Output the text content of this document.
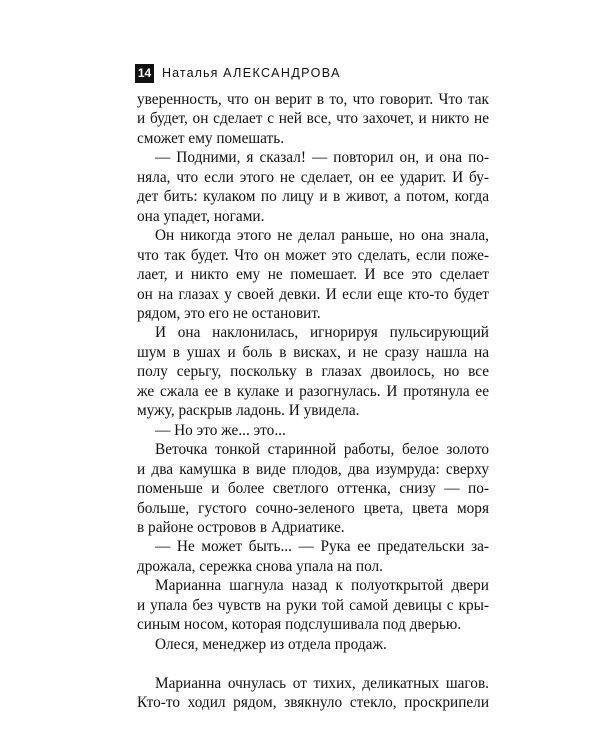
14 Наталья АЛЕКСАНДРОВА
уверенность, что он верит в то, что говорит. Что так
и будет, он сделает с ней все, что захочет, и никто не
сможет ему помешать.
— Подними, я сказал! — повторил он, и она по-
няла, что если этого не сделает, он ее ударит. И бу-
дет бить: кулаком по лицу и в живот, а потом, когда
она упадет, ногами.
Он никогда этого не делал раньше, но она знала,
что так будет. Что он может это сделать, если поже-
лает, и никто ему не помешает. И все это сделает
он на глазах у своей девки. И если еще кто-то будет
рядом, это его не остановит.
И она наклонилась, игнорируя пульсирующий
шум в ушах и боль в висках, и не сразу нашла на
полу серьгу, поскольку в глазах двоилось, но все
же сжала ее в кулаке и разогнулась. И протянула ее
мужу, раскрыв ладонь. И увидела.
— Но это же... это...
Веточка тонкой старинной работы, белое золото
и два камушка в виде плодов, два изумруда: сверху
поменьше и более светлого оттенка, снизу — по-
больше, густого сочно-зеленого цвета, цвета моря
в районе островов в Адриатике.
— Не может быть... — Рука ее предательски за-
дрожала, сережка снова упала на пол.
Марианна шагнула назад к полуоткрытой двери
и упала без чувств на руки той самой девицы с кры-
синым носом, которая подслушивала под дверью.
Олеся, менеджер из отдела продаж.
Марианна очнулась от тихих, деликатных шагов.
Кто-то ходил рядом, звякнуло стекло, проскрипели
